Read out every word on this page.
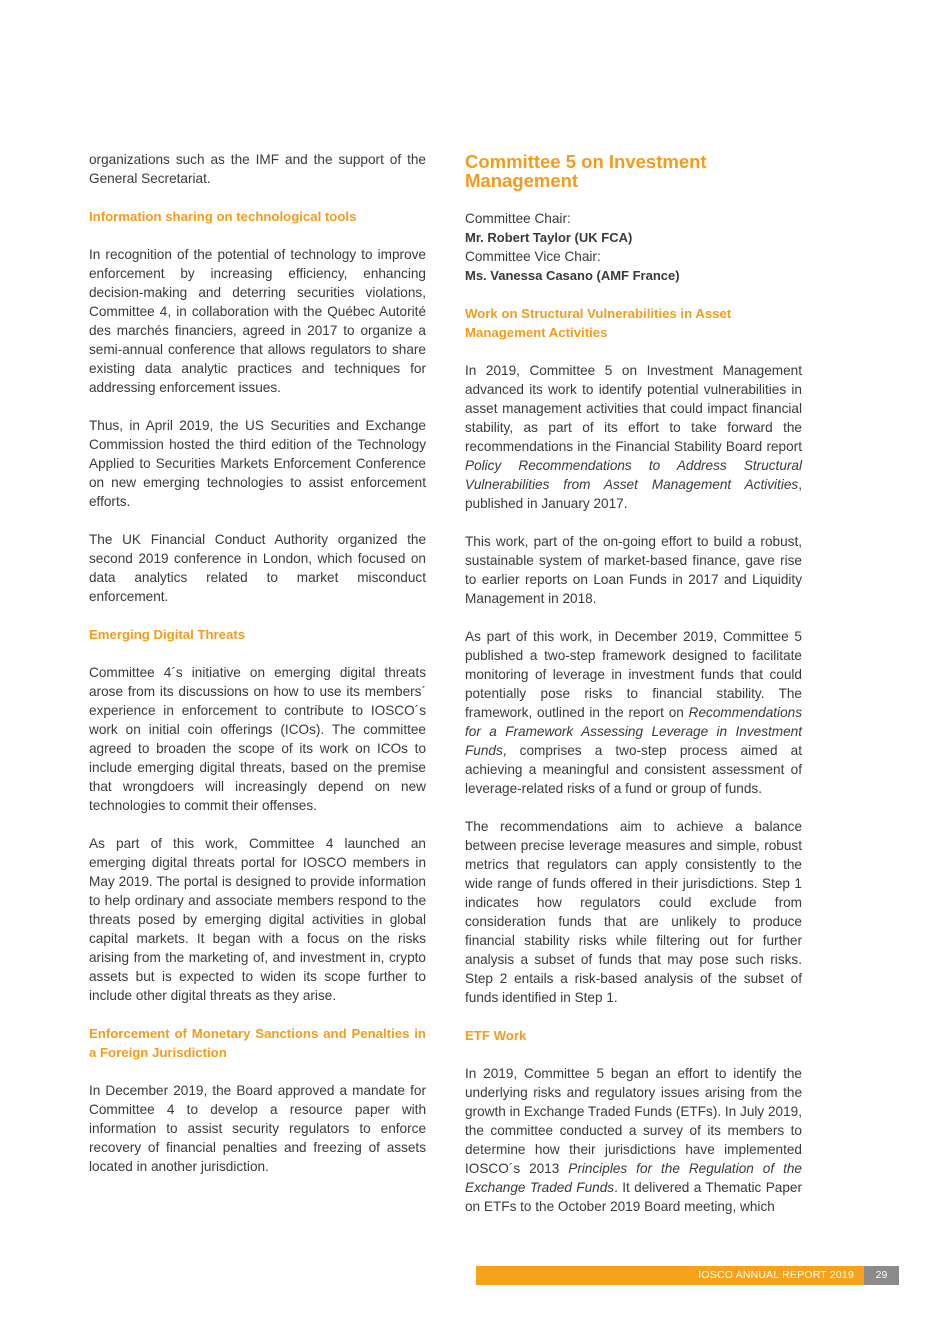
organizations such as the IMF and the support of the General Secretariat.

Information sharing on technological tools

In recognition of the potential of technology to improve enforcement by increasing efficiency, enhancing decision-making and deterring securities violations, Committee 4, in collaboration with the Québec Autorité des marchés financiers, agreed in 2017 to organize a semi-annual conference that allows regulators to share existing data analytic practices and techniques for addressing enforcement issues.

Thus, in April 2019, the US Securities and Exchange Commission hosted the third edition of the Technology Applied to Securities Markets Enforcement Conference on new emerging technologies to assist enforcement efforts.

The UK Financial Conduct Authority organized the second 2019 conference in London, which focused on data analytics related to market misconduct enforcement.

Emerging Digital Threats

Committee 4´s initiative on emerging digital threats arose from its discussions on how to use its members´ experience in enforcement to contribute to IOSCO´s work on initial coin offerings (ICOs). The committee agreed to broaden the scope of its work on ICOs to include emerging digital threats, based on the premise that wrongdoers will increasingly depend on new technologies to commit their offenses.

As part of this work, Committee 4 launched an emerging digital threats portal for IOSCO members in May 2019. The portal is designed to provide information to help ordinary and associate members respond to the threats posed by emerging digital activities in global capital markets. It began with a focus on the risks arising from the marketing of, and investment in, crypto assets but is expected to widen its scope further to include other digital threats as they arise.

Enforcement of Monetary Sanctions and Penalties in a Foreign Jurisdiction

In December 2019, the Board approved a mandate for Committee 4 to develop a resource paper with information to assist security regulators to enforce recovery of financial penalties and freezing of assets located in another jurisdiction.

Committee 5 on Investment Management
Committee Chair:
Mr. Robert Taylor (UK FCA)
Committee Vice Chair:
Ms. Vanessa Casano (AMF France)
Work on Structural Vulnerabilities in Asset Management Activities

In 2019, Committee 5 on Investment Management advanced its work to identify potential vulnerabilities in asset management activities that could impact financial stability, as part of its effort to take forward the recommendations in the Financial Stability Board report Policy Recommendations to Address Structural Vulnerabilities from Asset Management Activities, published in January 2017.

This work, part of the on-going effort to build a robust, sustainable system of market-based finance, gave rise to earlier reports on Loan Funds in 2017 and Liquidity Management in 2018.

As part of this work, in December 2019, Committee 5 published a two-step framework designed to facilitate monitoring of leverage in investment funds that could potentially pose risks to financial stability. The framework, outlined in the report on Recommendations for a Framework Assessing Leverage in Investment Funds, comprises a two-step process aimed at achieving a meaningful and consistent assessment of leverage-related risks of a fund or group of funds.

The recommendations aim to achieve a balance between precise leverage measures and simple, robust metrics that regulators can apply consistently to the wide range of funds offered in their jurisdictions. Step 1 indicates how regulators could exclude from consideration funds that are unlikely to produce financial stability risks while filtering out for further analysis a subset of funds that may pose such risks. Step 2 entails a risk-based analysis of the subset of funds identified in Step 1.

ETF Work

In 2019, Committee 5 began an effort to identify the underlying risks and regulatory issues arising from the growth in Exchange Traded Funds (ETFs). In July 2019, the committee conducted a survey of its members to determine how their jurisdictions have implemented IOSCO´s 2013 Principles for the Regulation of the Exchange Traded Funds. It delivered a Thematic Paper on ETFs to the October 2019 Board meeting, which

IOSCO ANNUAL REPORT 2019	29
